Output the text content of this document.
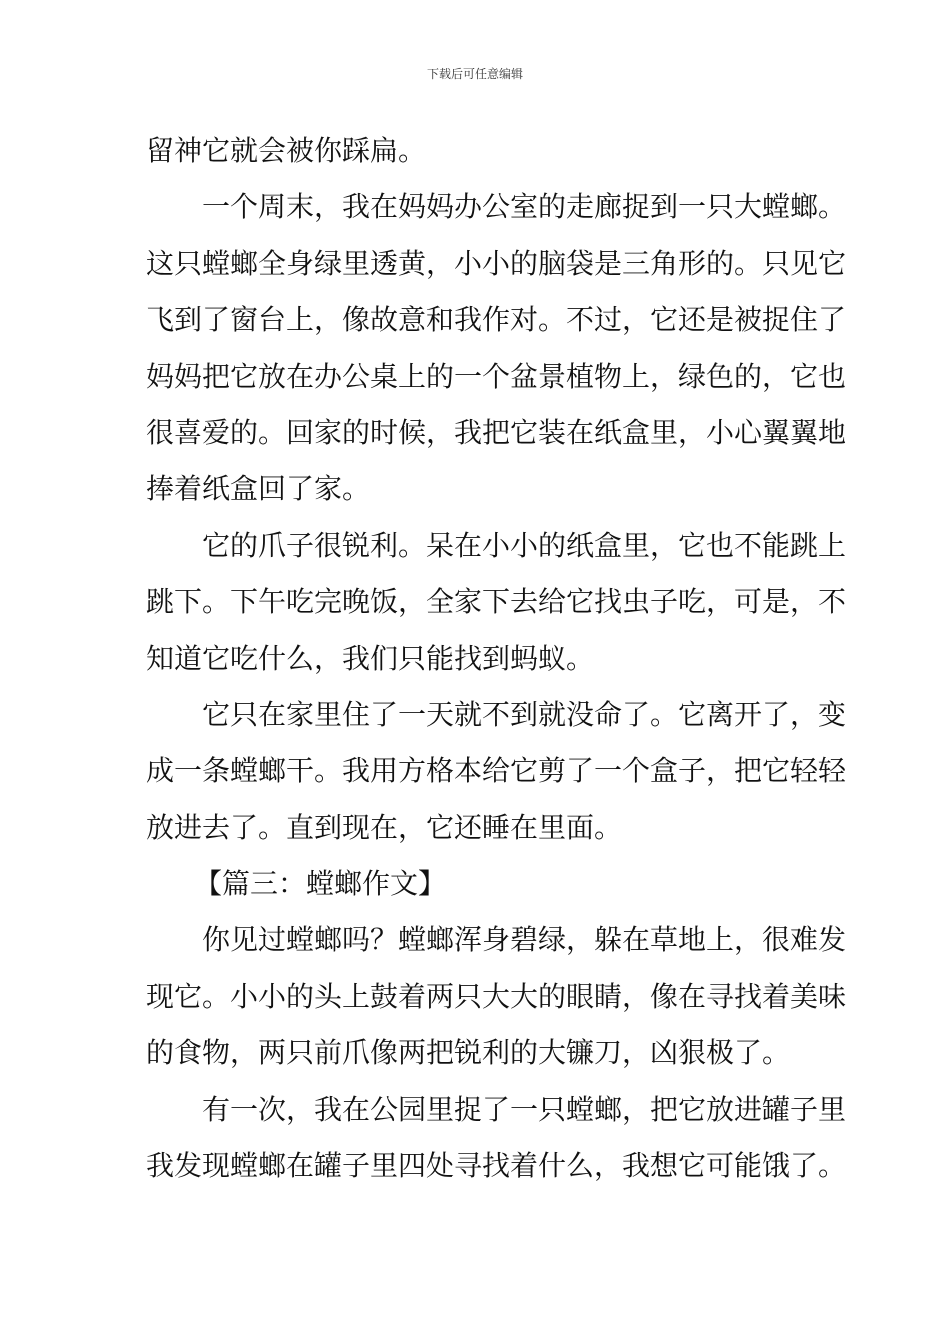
下载后可任意编辑
留神它就会被你踩扁。
一个周末，我在妈妈办公室的走廊捉到一只大螳螂。
这只螳螂全身绿里透黄，小小的脑袋是三角形的。只见它
飞到了窗台上，像故意和我作对。不过，它还是被捉住了
妈妈把它放在办公桌上的一个盆景植物上，绿色的，它也
很喜爱的。回家的时候，我把它装在纸盒里，小心翼翼地
捧着纸盒回了家。
它的爪子很锐利。呆在小小的纸盒里，它也不能跳上
跳下。下午吃完晚饭，全家下去给它找虫子吃，可是，不
知道它吃什么，我们只能找到蚂蚁。
它只在家里住了一天就不到就没命了。它离开了，变
成一条螳螂干。我用方格本给它剪了一个盒子，把它轻轻
放进去了。直到现在，它还睡在里面。
【篇三：螳螂作文】
你见过螳螂吗？螳螂浑身碧绿，躲在草地上，很难发
现它。小小的头上鼓着两只大大的眼睛，像在寻找着美味
的食物，两只前爪像两把锐利的大镰刀，凶狠极了。
有一次，我在公园里捉了一只螳螂，把它放进罐子里
我发现螳螂在罐子里四处寻找着什么，我想它可能饿了。
